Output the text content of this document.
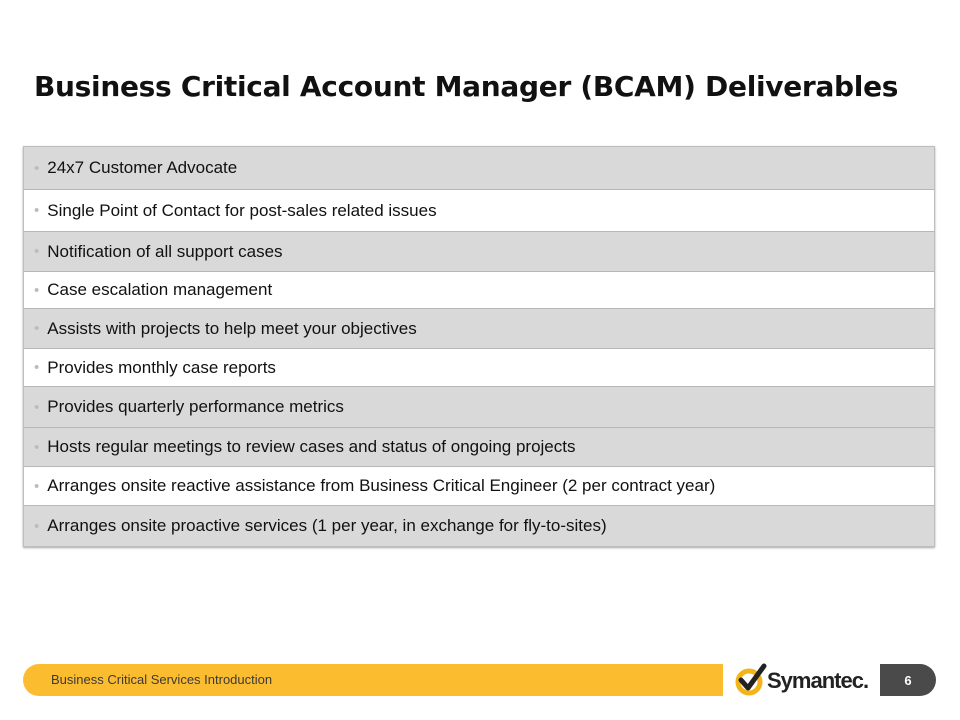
Business Critical Account Manager (BCAM) Deliverables
• 24x7 Customer Advocate
• Single Point of Contact for post-sales related issues
• Notification of all support cases
• Case escalation management
• Assists with projects to help meet your objectives
• Provides monthly case reports
• Provides quarterly performance metrics
• Hosts regular meetings to review cases and status of ongoing projects
• Arranges onsite reactive assistance from Business Critical Engineer (2 per contract year)
• Arranges onsite proactive services (1 per year, in exchange for fly-to-sites)
Business Critical Services Introduction	Symantec.	6
